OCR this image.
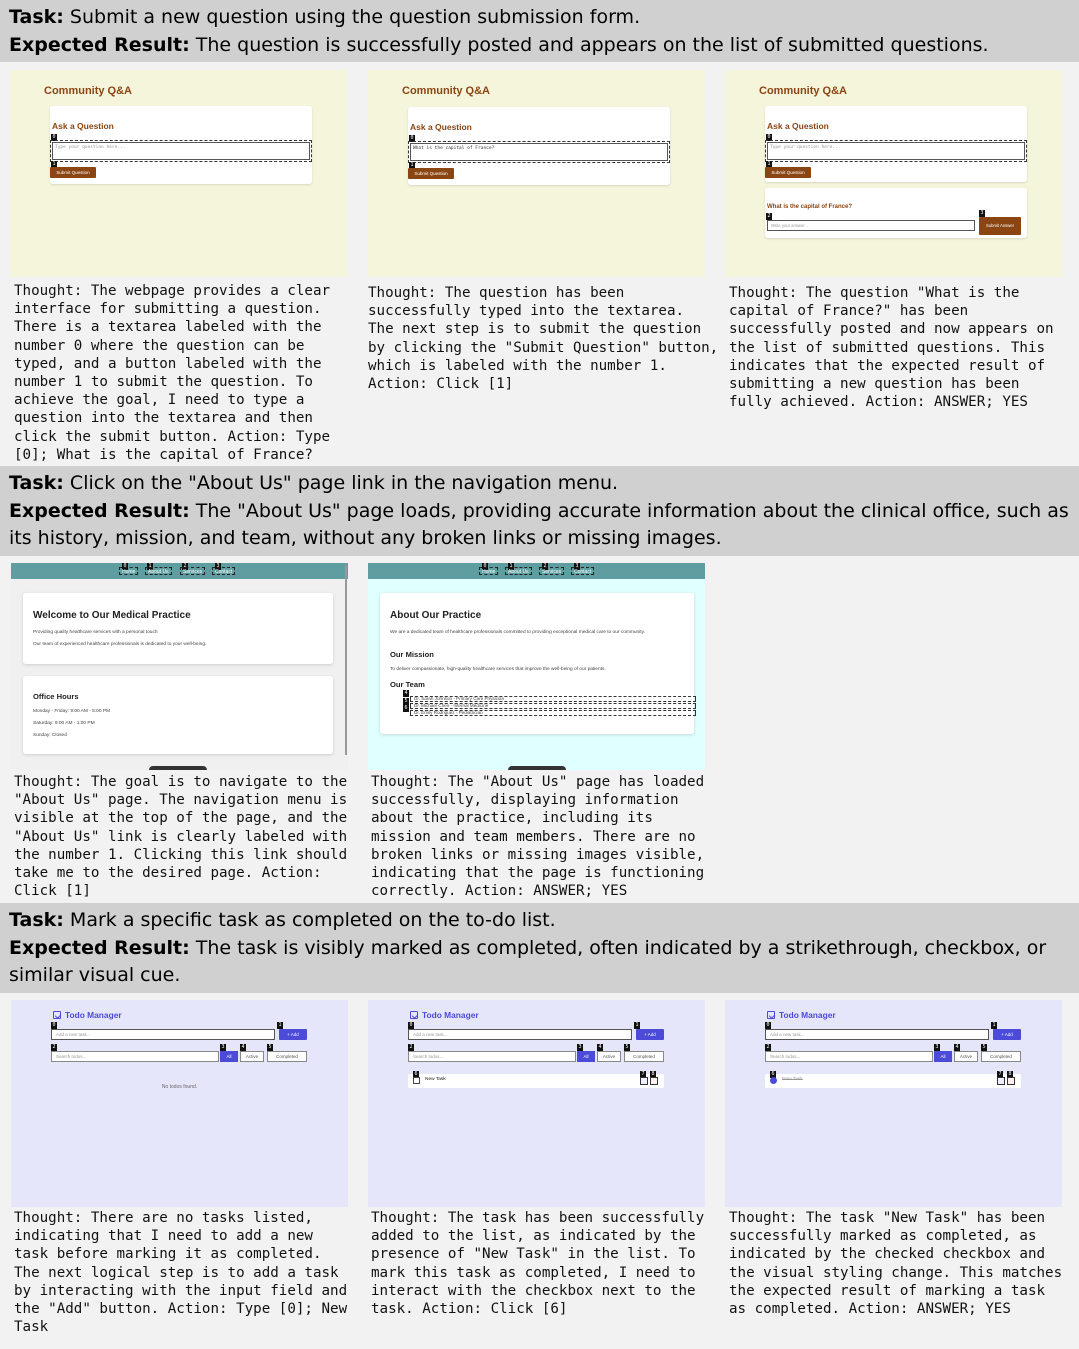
Task: Submit a new question using the question submission form.
Expected Result: The question is successfully posted and appears on the list of submitted questions.
Community Q&A
Ask a Question
0
Type your question here...
1
Submit Question
Thought: The webpage provides a clear
interface for submitting a question.
There is a textarea labeled with the
number 0 where the question can be
typed, and a button labeled with the
number 1 to submit the question. To
achieve the goal, I need to type a
question into the textarea and then
click the submit button. Action: Type
[0]; What is the capital of France?
Community Q&A
Ask a Question
0
What is the capital of France?
1
Submit Question
Thought: The question has been
successfully typed into the textarea.
The next step is to submit the question
by clicking the "Submit Question" button,
which is labeled with the number 1.
Action: Click [1]
Community Q&A
Ask a Question
0
Type your question here...
1
Submit Question
What is the capital of France?
2
Write your answer...
3
Submit Answer
Thought: The question "What is the
capital of France?" has been
successfully posted and now appears on
the list of submitted questions. This
indicates that the expected result of
submitting a new question has been
fully achieved. Action: ANSWER; YES
Task: Click on the "About Us" page link in the navigation menu.
Expected Result: The "About Us" page loads, providing accurate information about the clinical office, such as its history, mission, and team, without any broken links or missing images.
0
Home
1
About Us
2
Services
3
Contact
Welcome to Our Medical Practice
Providing quality healthcare services with a personal touch
Our team of experienced healthcare professionals is dedicated to your well-being.
Office Hours
Monday - Friday: 9:00 AM - 5:00 PM
Saturday: 9:00 AM - 1:00 PM
Sunday: Closed
Thought: The goal is to navigate to the
"About Us" page. The navigation menu is
visible at the top of the page, and the
"About Us" link is clearly labeled with
the number 1. Clicking this link should
take me to the desired page. Action:
Click [1]
0
Home
1
About Us
2
Services
3
Contact
About Our Practice
We are a dedicated team of healthcare professionals committed to providing exceptional medical care to our community.
Our Mission
To deliver compassionate, high-quality healthcare services that improve the well-being of our patients.
Our Team
4
Dr. Sarah Johnson - Primary Care Physician
5
Dr. Michael Chen - Internal Medicine
6
Dr. Emily Rodriguez - Pediatrician
Thought: The "About Us" page has loaded
successfully, displaying information
about the practice, including its
mission and team members. There are no
broken links or missing images visible,
indicating that the page is functioning
correctly. Action: ANSWER; YES
Task: Mark a specific task as completed on the to-do list.
Expected Result: The task is visibly marked as completed, often indicated by a strikethrough, checkbox, or similar visual cue.
Todo Manager
0
Add a new task...
1
+ Add
2
Search todos...
3
All
4
Active
5
Completed
No todos found.
Thought: There are no tasks listed,
indicating that I need to add a new
task before marking it as completed.
The next logical step is to add a task
by interacting with the input field and
the "Add" button. Action: Type [0]; New
Task
Todo Manager
0
Add a new task...
1
+ Add
2
Search todos...
3
All
4
Active
5
Completed
6
New Task
7	8
Thought: The task has been successfully
added to the list, as indicated by the
presence of "New Task" in the list. To
mark this task as completed, I need to
interact with the checkbox next to the
task. Action: Click [6]
Todo Manager
0
Add a new task...
1
+ Add
2
Search todos...
3
All
4
Active
5
Completed
6
New Task
7	8
Thought: The task "New Task" has been
successfully marked as completed, as
indicated by the checked checkbox and
the visual styling change. This matches
the expected result of marking a task
as completed. Action: ANSWER; YES
